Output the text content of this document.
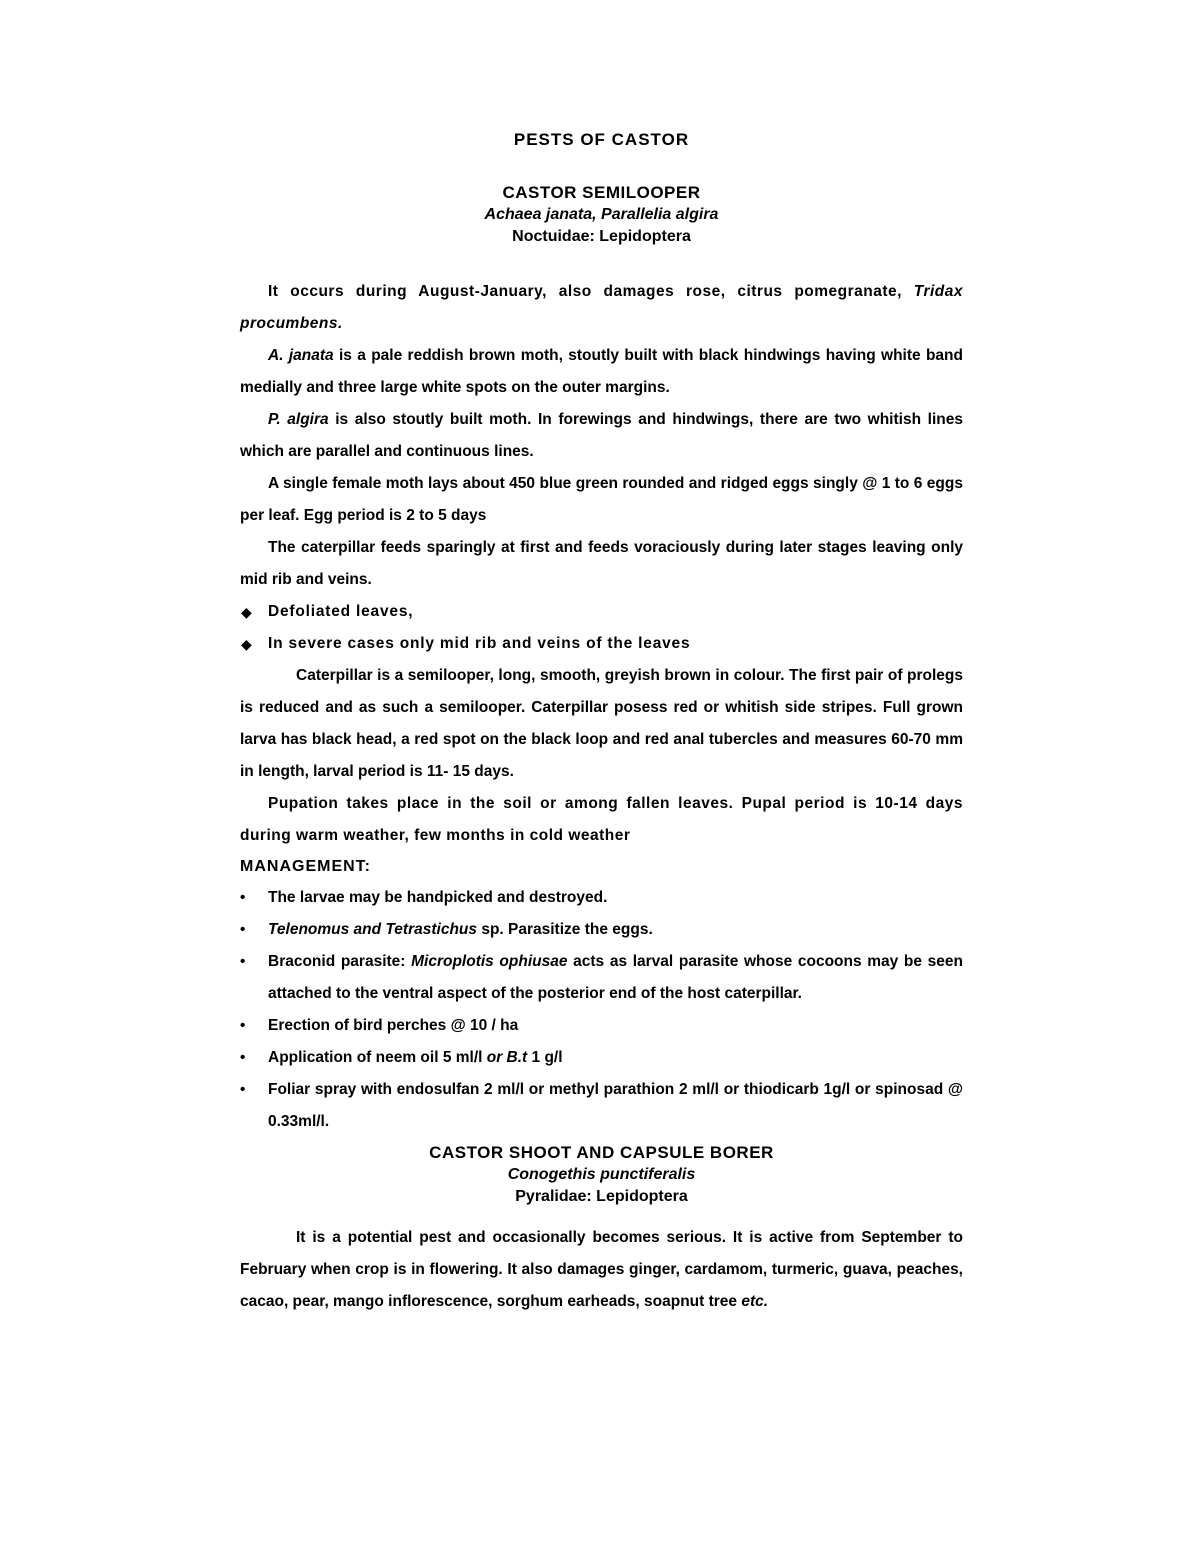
PESTS OF CASTOR
CASTOR SEMILOOPER
Achaea janata, Parallelia algira
Noctuidae: Lepidoptera

It occurs during August-January, also damages rose, citrus pomegranate, Tridax procumbens.

A. janata is a pale reddish brown moth, stoutly built with black hindwings having white band medially and three large white spots on the outer margins.

P. algira is also stoutly built moth. In forewings and hindwings, there are two whitish lines which are parallel and continuous lines.

A single female moth lays about 450 blue green rounded and ridged eggs singly @ 1 to 6 eggs per leaf. Egg period is 2 to 5 days

The caterpillar feeds sparingly at first and feeds voraciously during later stages leaving only mid rib and veins.

◆ Defoliated leaves,
◆ In severe cases only mid rib and veins of the leaves

Caterpillar is a semilooper, long, smooth, greyish brown in colour. The first pair of prolegs is reduced and as such a semilooper. Caterpillar posess red or whitish side stripes. Full grown larva has black head, a red spot on the black loop and red anal tubercles and measures 60-70 mm in length, larval period is 11- 15 days.

Pupation takes place in the soil or among fallen leaves. Pupal period is 10-14 days during warm weather, few months in cold weather

MANAGEMENT:
• The larvae may be handpicked and destroyed.
• Telenomus and Tetrastichus sp. Parasitize the eggs.
• Braconid parasite: Microplotis ophiusae acts as larval parasite whose cocoons may be seen attached to the ventral aspect of the posterior end of the host caterpillar.
• Erection of bird perches @ 10 / ha
• Application of neem oil 5 ml/l or B.t 1 g/l
• Foliar spray with endosulfan 2 ml/l or methyl parathion 2 ml/l or thiodicarb 1g/l or spinosad @ 0.33ml/l.
CASTOR SHOOT AND CAPSULE BORER
Conogethis punctiferalis
Pyralidae: Lepidoptera

It is a potential pest and occasionally becomes serious. It is active from September to February when crop is in flowering. It also damages ginger, cardamom, turmeric, guava, peaches, cacao, pear, mango inflorescence, sorghum earheads, soapnut tree etc.
